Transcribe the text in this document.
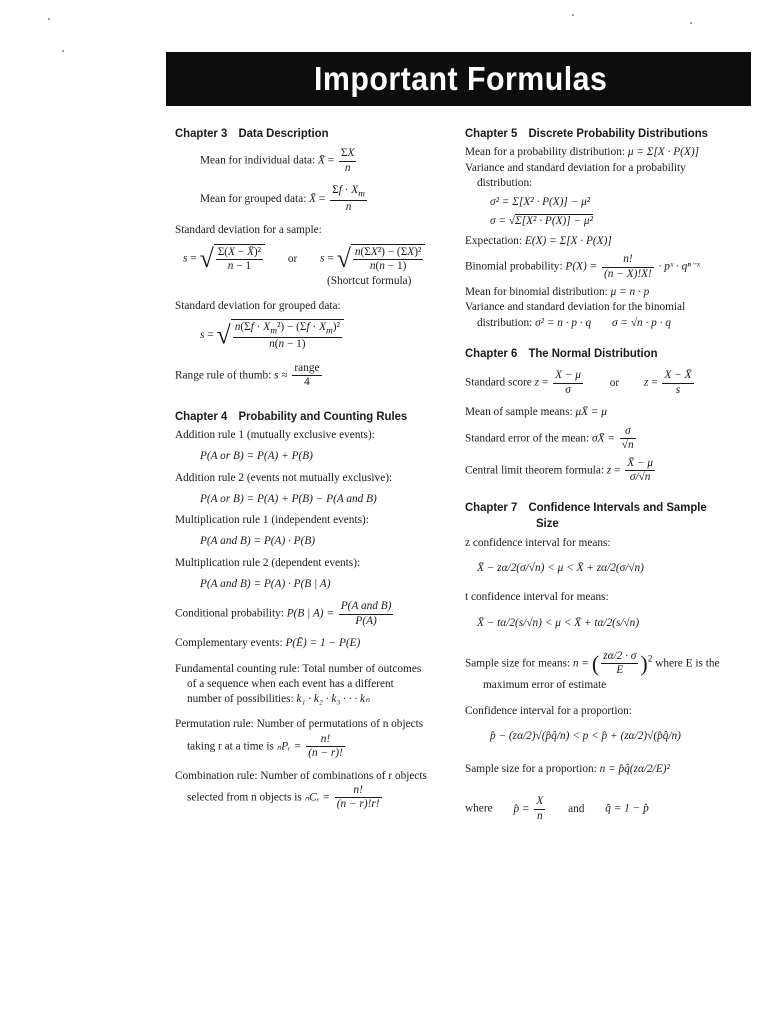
Important Formulas
Chapter 3 Data Description
Mean for individual data: X̄ = $\frac{\Sigma X}{n}$
Mean for grouped data: X̄ = $\frac{\Sigma f \cdot X_m}{n}$
Standard deviation for a sample:
s = √ $\frac{\text{Σ(X − X̄)²}}{n - 1}$ or s = √ $\frac{\text{n(ΣX²) − (ΣX)²}}{n(n - 1)}$
(Shortcut formula)
Standard deviation for grouped data:
s = √ $\frac{n(\Sigma f \cdot X_m^2) - (\Sigma f \cdot X_m)^2}{n(n - 1)}$
Range rule of thumb: $s \approx \frac{\text{range}}{4}$
Chapter 4 Probability and Counting Rules
Addition rule 1 (mutually exclusive events):
P(A or B) = P(A) + P(B)
Addition rule 2 (events not mutually exclusive):
P(A or B) = P(A) + P(B) − P(A and B)
Multiplication rule 1 (independent events):
P(A and B) = P(A) · P(B)
Multiplication rule 2 (dependent events):
P(A and B) = P(A) · P(B | A)
Conditional probability: P(B | $A) = \frac{\text{P(A and B)}}{P(A)}$
Complementary events: P(Ē) = 1 − P(E)
Fundamental counting rule: Total number of outcomes
of a sequence when each event has a different
number of possibilities: k₁ · k₂ · k₃ · · · kₙ
Permutation rule: Number of permutations of n objects
taking r at a time is ₙPᵣ = $\frac{n!}{(n - r)!}$
Combination rule: Number of combinations of r objects
selected from n objects is ₙCᵣ = $\frac{n!}{(n - r)!r!}$
Chapter 5 Discrete Probability Distributions
Mean for a probability distribution: μ = Σ[X · P(X)]
Variance and standard deviation for a probability
distribution:
σ² = Σ[X² · P(X)] − μ²
σ = √Σ[X² · P(X)] − μ²
Expectation: E(X) = Σ[X · P(X)]
Binomial probability: $P(X) = \frac{n!}{(n - X)!X!}$ · pˣ · qⁿ⁻ˣ
Mean for binomial distribution: μ = n · p
Variance and standard deviation for the binomial
distribution: σ² = n · p · q σ = √n · p · q
Chapter 6 The Normal Distribution
Standard score $z = \frac{X - \mu}{\sigma}$ or $z = \frac{X - X̄}{s}$
Mean of sample means: μX̄ = μ
Standard error of the mean: σX̄ = $\frac{\sigma}{√n}$
Central limit theorem formula: $z = \frac{X̄ - \mu}{\sigma/√n}$
Chapter 7 Confidence Intervals and Sample
Size
z confidence interval for means:
X̄ − zα/2(σ/√n) < μ < X̄ + zα/2(σ/√n)
t confidence interval for means:
X̄ − tα/2(s/√n) < μ < X̄ + tα/2(s/√n)
Sample size for means: n = ( $\frac{z\alpha/2 \cdot \sigma}{E} )^2$ where E is the
maximum error of estimate
Confidence interval for a proportion:
p̂ − (zα/2)√(p̂q̂/n) < p < p̂ + (zα/2)√(p̂q̂/n)
Sample size for a proportion: n = p̂q̂(zα/2/E)²
where p̂ = $\frac{X}{n}$ and q̂ = 1 − p̂
